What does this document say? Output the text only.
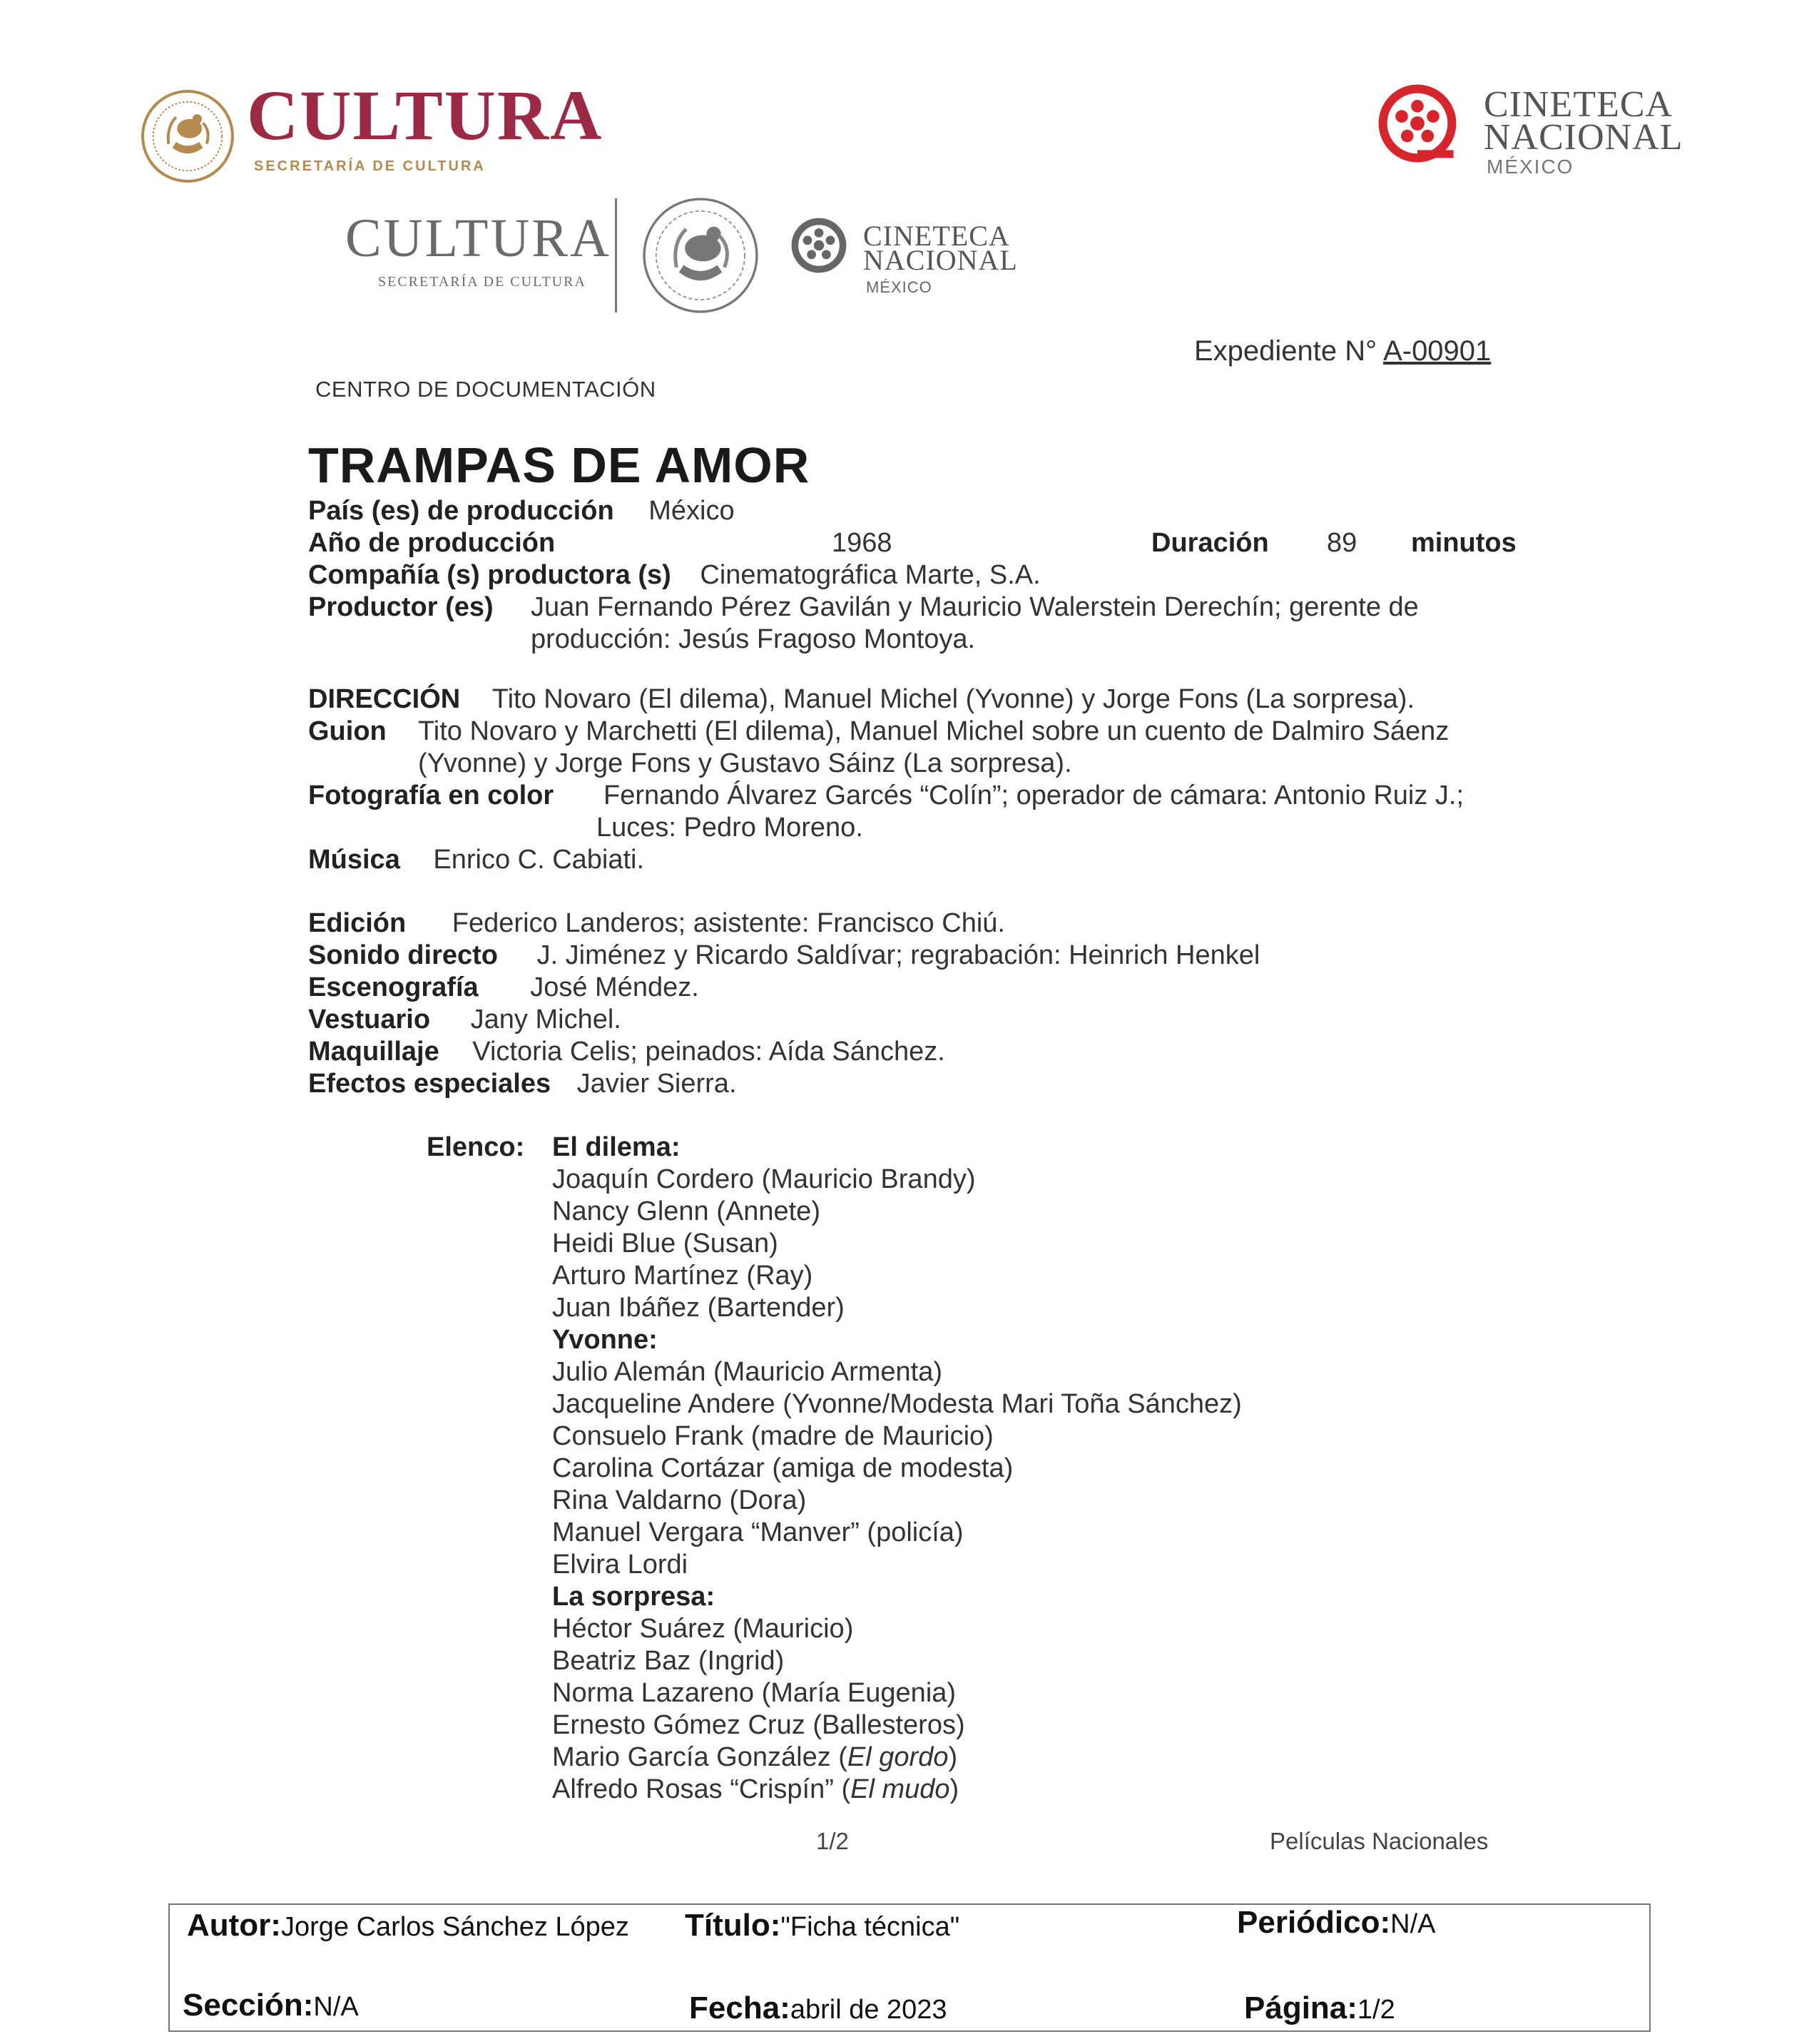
CULTURA
SECRETARÍA DE CULTURA
CINETECA
NACIONAL
MÉXICO
CULTURA
SECRETARÍA DE CULTURA
CINETECA
NACIONAL
MÉXICO
Expediente N° A-00901
CENTRO DE DOCUMENTACIÓN
TRAMPAS DE AMOR
País (es) de producción México
Año de producción	1968	Duración 89 minutos
Compañía (s) productora (s) Cinematográfica Marte, S.A.
Productor (es) Juan Fernando Pérez Gavilán y Mauricio Walerstein Derechín; gerente de
producción: Jesús Fragoso Montoya.
DIRECCIÓN Tito Novaro (El dilema), Manuel Michel (Yvonne) y Jorge Fons (La sorpresa).
Guion Tito Novaro y Marchetti (El dilema), Manuel Michel sobre un cuento de Dalmiro Sáenz
(Yvonne) y Jorge Fons y Gustavo Sáinz (La sorpresa).
Fotografía en color Fernando Álvarez Garcés “Colín”; operador de cámara: Antonio Ruiz J.;
Luces: Pedro Moreno.
Música Enrico C. Cabiati.
Edición Federico Landeros; asistente: Francisco Chiú.
Sonido directo J. Jiménez y Ricardo Saldívar; regrabación: Heinrich Henkel
Escenografía José Méndez.
Vestuario Jany Michel.
Maquillaje Victoria Celis; peinados: Aída Sánchez.
Efectos especiales Javier Sierra.
Elenco: El dilema:
Joaquín Cordero (Mauricio Brandy)
Nancy Glenn (Annete)
Heidi Blue (Susan)
Arturo Martínez (Ray)
Juan Ibáñez (Bartender)
Yvonne:
Julio Alemán (Mauricio Armenta)
Jacqueline Andere (Yvonne/Modesta Mari Toña Sánchez)
Consuelo Frank (madre de Mauricio)
Carolina Cortázar (amiga de modesta)
Rina Valdarno (Dora)
Manuel Vergara “Manver” (policía)
Elvira Lordi
La sorpresa:
Héctor Suárez (Mauricio)
Beatriz Baz (Ingrid)
Norma Lazareno (María Eugenia)
Ernesto Gómez Cruz (Ballesteros)
Mario García González (El gordo)
Alfredo Rosas “Crispín” (El mudo)
1/2	Películas Nacionales
Autor:Jorge Carlos Sánchez López Título:"Ficha técnica"	Periódico:N/A
Sección:N/A	Fecha:abril de 2023	Página:1/2
